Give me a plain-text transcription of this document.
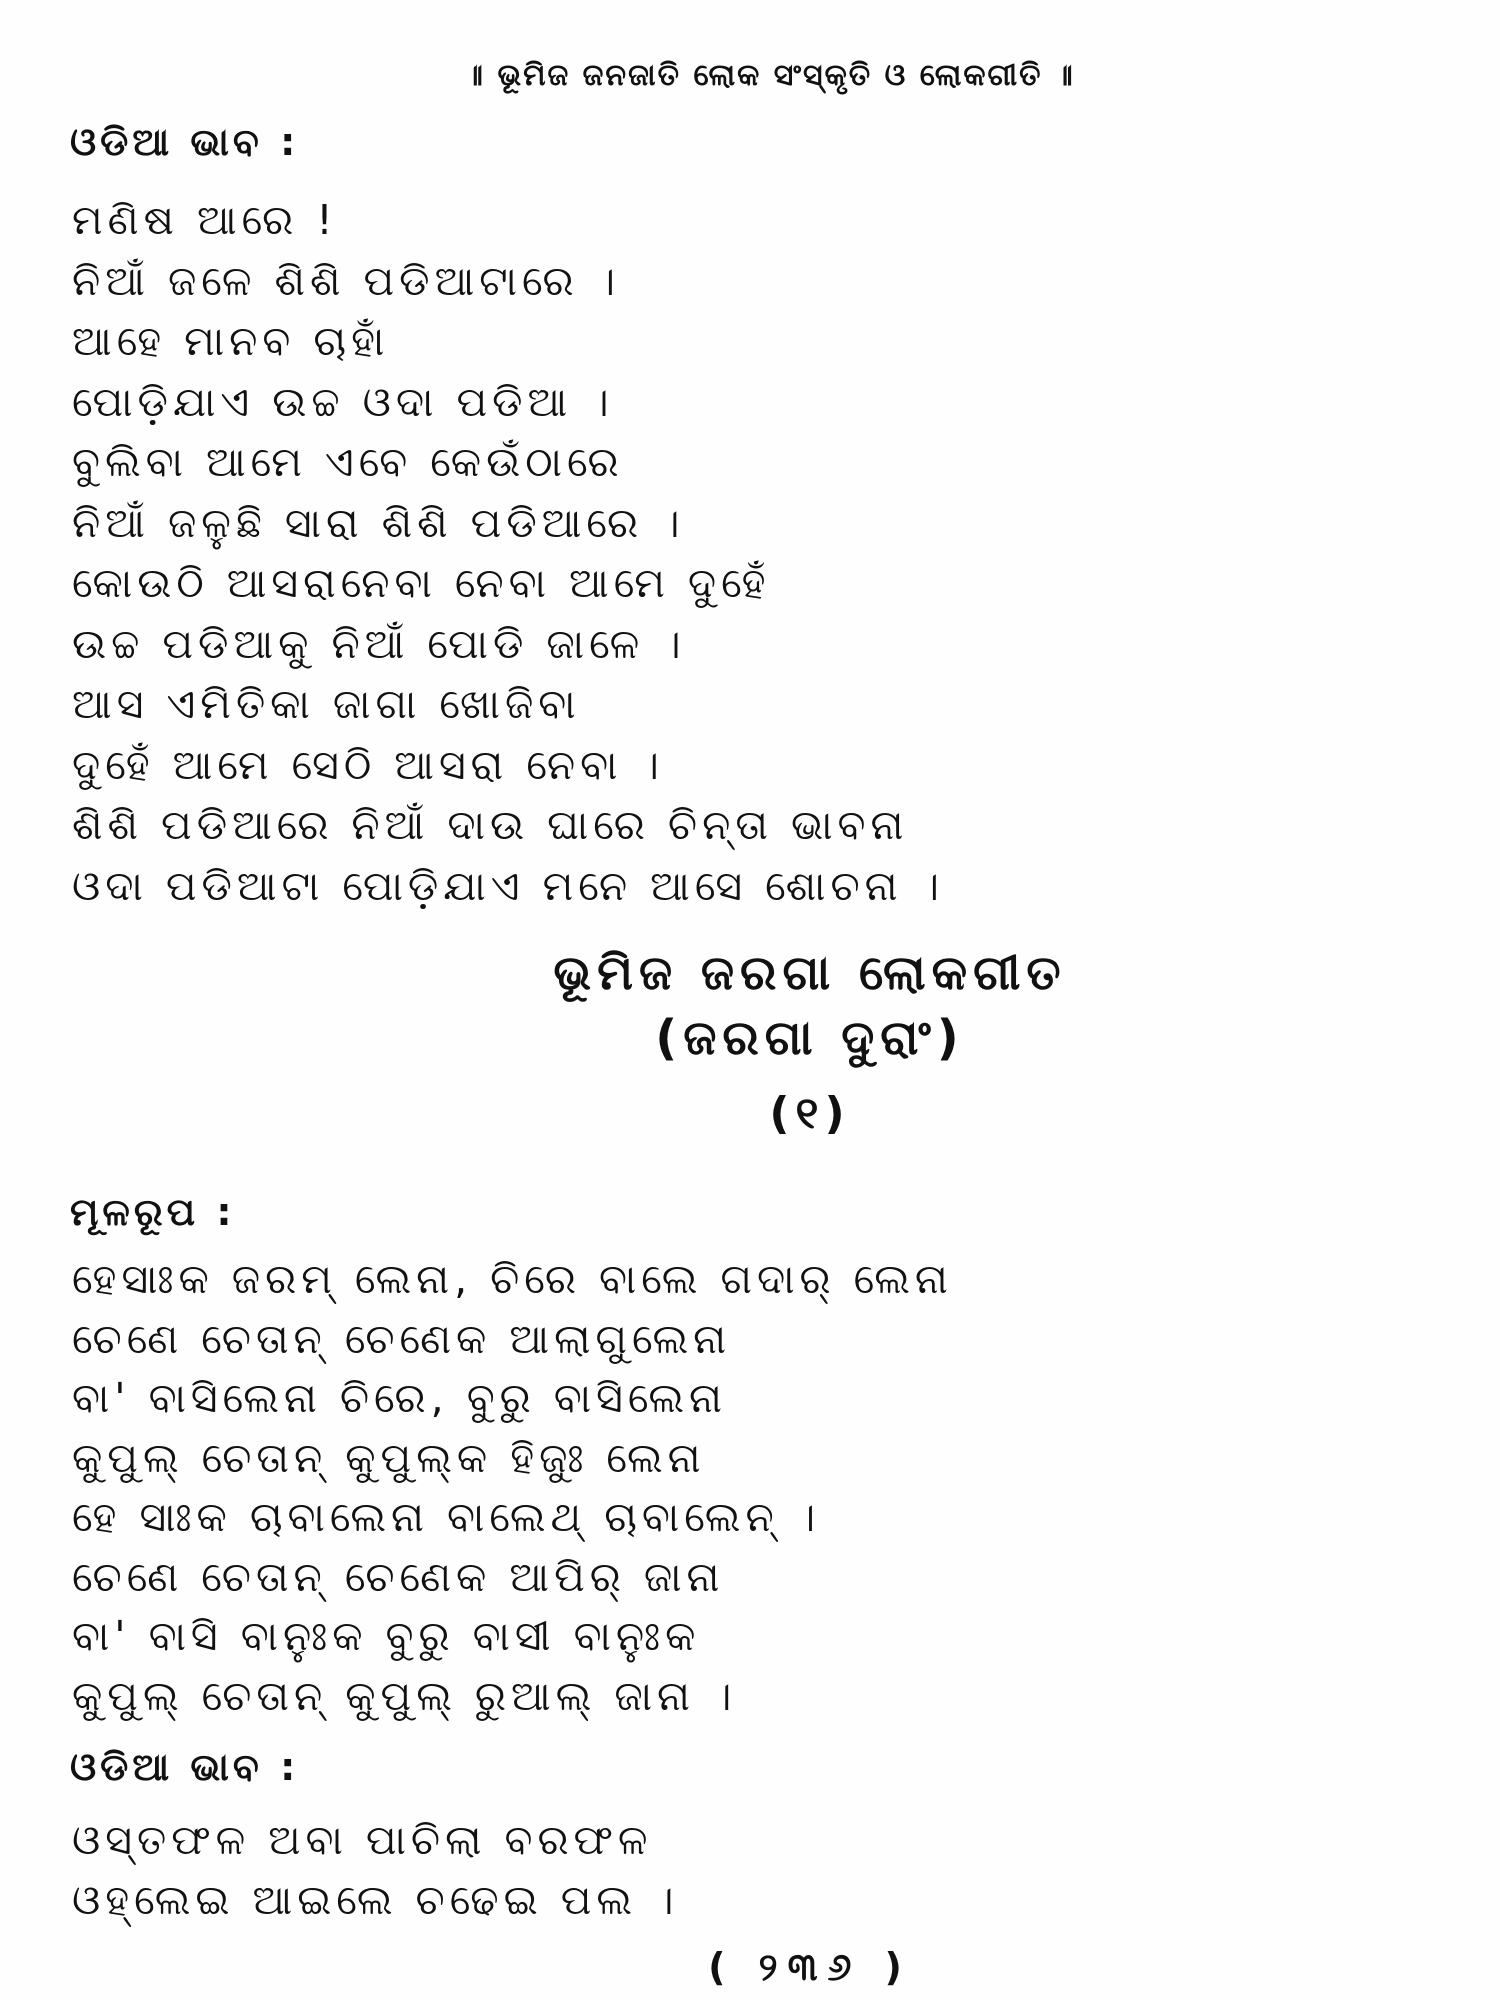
॥ ଭୂମିଜ ଜନଜାତି ଲୋକ ସଂସ୍କୃତି ଓ ଲୋକଗୀତି ॥
ଓଡିଆ ଭାବ :
ମଣିଷ ଆରେ !
ନିଆଁ ଜଳେ ଶିଶି ପଡିଆଟାରେ ।
ଆହେ ମାନବ ଚାହାଁ
ପୋଡ଼ିଯାଏ ଉଚ୍ଚ ଓଦା ପଡିଆ ।
ବୁଲିବା ଆମେ ଏବେ କେଉଁଠାରେ
ନିଆଁ ଜଳୁଛି ସାରା ଶିଶି ପଡିଆରେ ।
କୋଉଠି ଆସରାନେବା ନେବା ଆମେ ଦୁହେଁ
ଉଚ୍ଚ ପଡିଆକୁ ନିଆଁ ପୋଡି ଜାଳେ ।
ଆସ ଏମିତିକା ଜାଗା ଖୋଜିବା
ଦୁହେଁ ଆମେ ସେଠି ଆସରା ନେବା ।
ଶିଶି ପଡିଆରେ ନିଆଁ ଦାଉ ଘାରେ ଚିନ୍ତା ଭାବନା
ଓଦା ପଡିଆଟା ପୋଡ଼ିଯାଏ ମନେ ଆସେ ଶୋଚନା ।
ଭୂମିଜ ଜରଗା ଲୋକଗୀତ
(ଜରଗା ଦୁରାଂ)
(୧)
ମୂଳରୂପ :
ହେସାଃକ ଜରମ୍ ଲେନା, ଚିରେ ବାଲେ ଗଦାର୍ ଲେନା
ଚେଣେ ଚେତାନ୍ ଚେଣେକ ଆଲାଗୁଲେନା
ବା' ବାସିଲେନା ଚିରେ, ବୁରୁ ବାସିଲେନା
କୁପୁଲ୍ ଚେତାନ୍ କୁପୁଲ୍କ ହିଜୁଃ ଲେନା
ହେ ସାଃକ ଚାବାଲେନା ବାଲେଥ୍ ଚାବାଲେନ୍ ।
ଚେଣେ ଚେତାନ୍ ଚେଣେକ ଆପିର୍ ଜାନା
ବା' ବାସି ବାନୁଃକ ବୁରୁ ବାସୀ ବାନୁଃକ
କୁପୁଲ୍ ଚେତାନ୍ କୁପୁଲ୍ ରୁଆଲ୍ ଜାନା ।
ଓଡିଆ ଭାବ :
ଓସ୍ତଫଳ ଅବା ପାଚିଲା ବରଫଳ
ଓହ୍ଲେଇ ଆଇଲେ ଚଢେଇ ପଲ ।
( ୨୩୬ )
